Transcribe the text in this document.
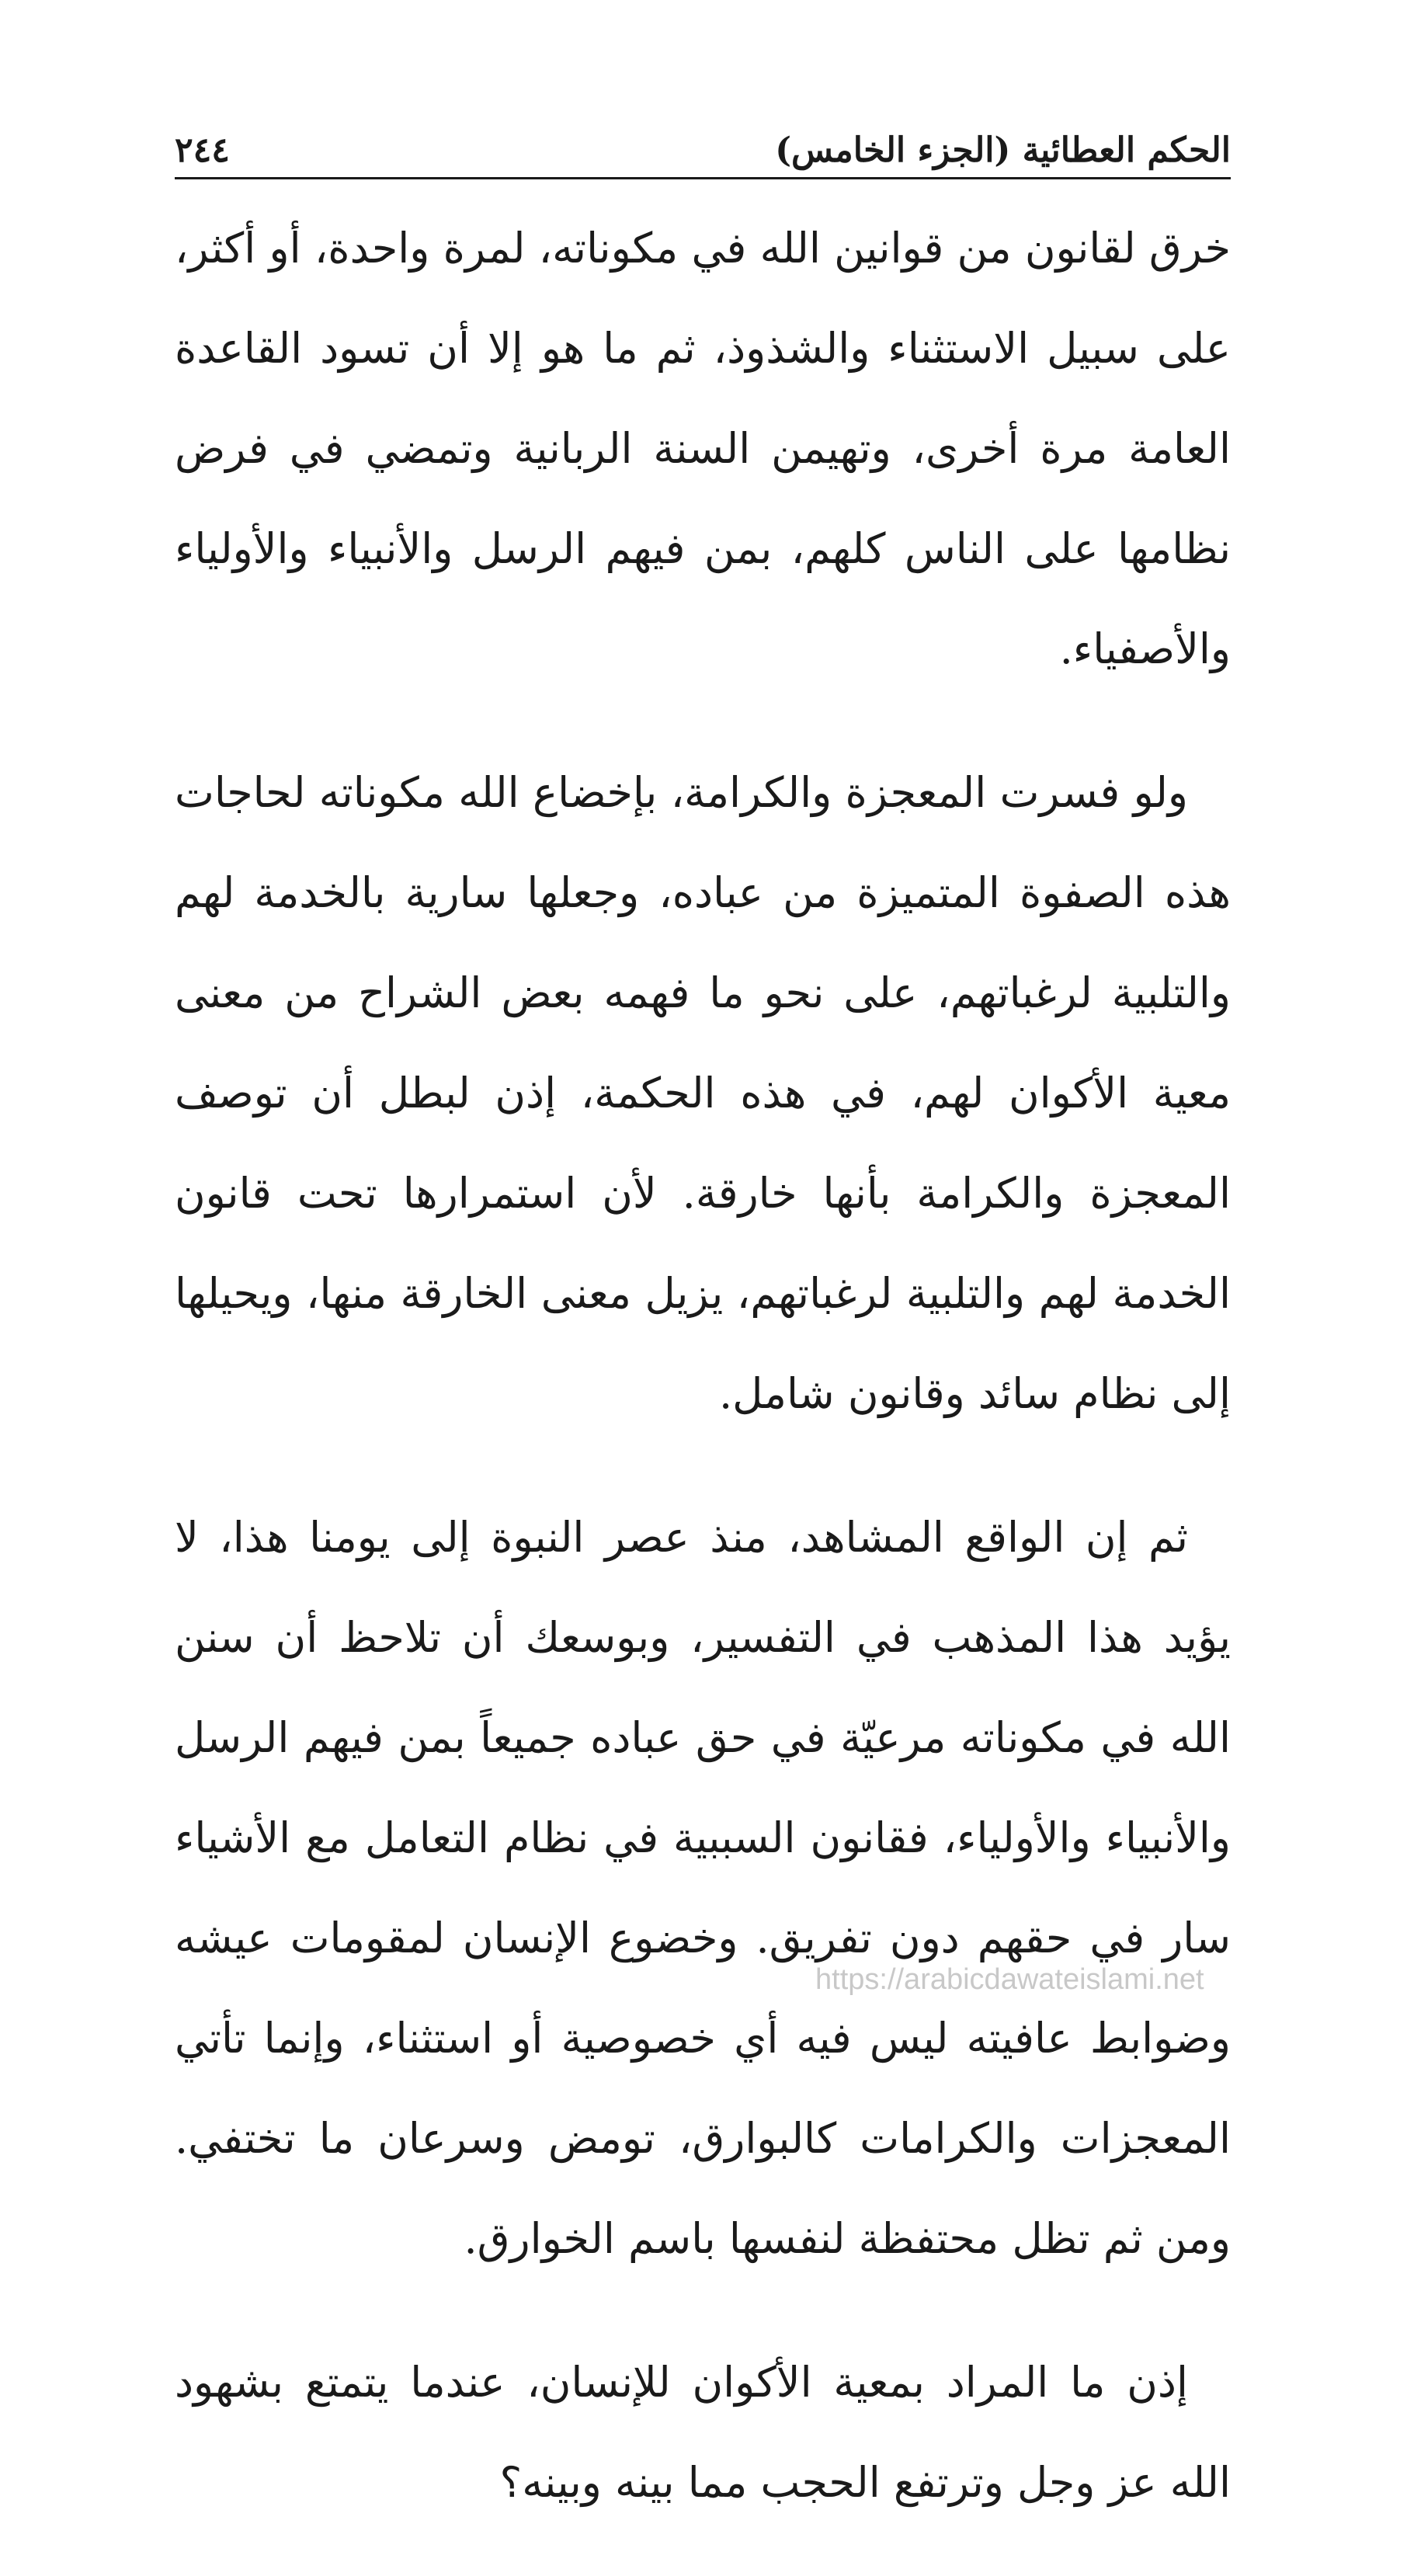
الحكم العطائية (الجزء الخامس)
٢٤٤

خرق لقانون من قوانين الله في مكوناته، لمرة واحدة، أو أكثر، على سبيل الاستثناء والشذوذ، ثم ما هو إلا أن تسود القاعدة العامة مرة أخرى، وتهيمن السنة الربانية وتمضي في فرض نظامها على الناس كلهم، بمن فيهم الرسل والأنبياء والأولياء والأصفياء.

ولو فسرت المعجزة والكرامة، بإخضاع الله مكوناته لحاجات هذه الصفوة المتميزة من عباده، وجعلها سارية بالخدمة لهم والتلبية لرغباتهم، على نحو ما فهمه بعض الشراح من معنى معية الأكوان لهم، في هذه الحكمة، إذن لبطل أن توصف المعجزة والكرامة بأنها خارقة. لأن استمرارها تحت قانون الخدمة لهم والتلبية لرغباتهم، يزيل معنى الخارقة منها، ويحيلها إلى نظام سائد وقانون شامل.

ثم إن الواقع المشاهد، منذ عصر النبوة إلى يومنا هذا، لا يؤيد هذا المذهب في التفسير، وبوسعك أن تلاحظ أن سنن الله في مكوناته مرعيّة في حق عباده جميعاً بمن فيهم الرسل والأنبياء والأولياء، فقانون السببية في نظام التعامل مع الأشياء سار في حقهم دون تفريق. وخضوع الإنسان لمقومات عيشه وضوابط عافيته ليس فيه أي خصوصية أو استثناء، وإنما تأتي المعجزات والكرامات كالبوارق، تومض وسرعان ما تختفي. ومن ثم تظل محتفظة لنفسها باسم الخوارق.

إذن ما المراد بمعية الأكوان للإنسان، عندما يتمتع بشهود الله عز وجل وترتفع الحجب مما بينه وبينه؟

https://arabicdawateislami.net
